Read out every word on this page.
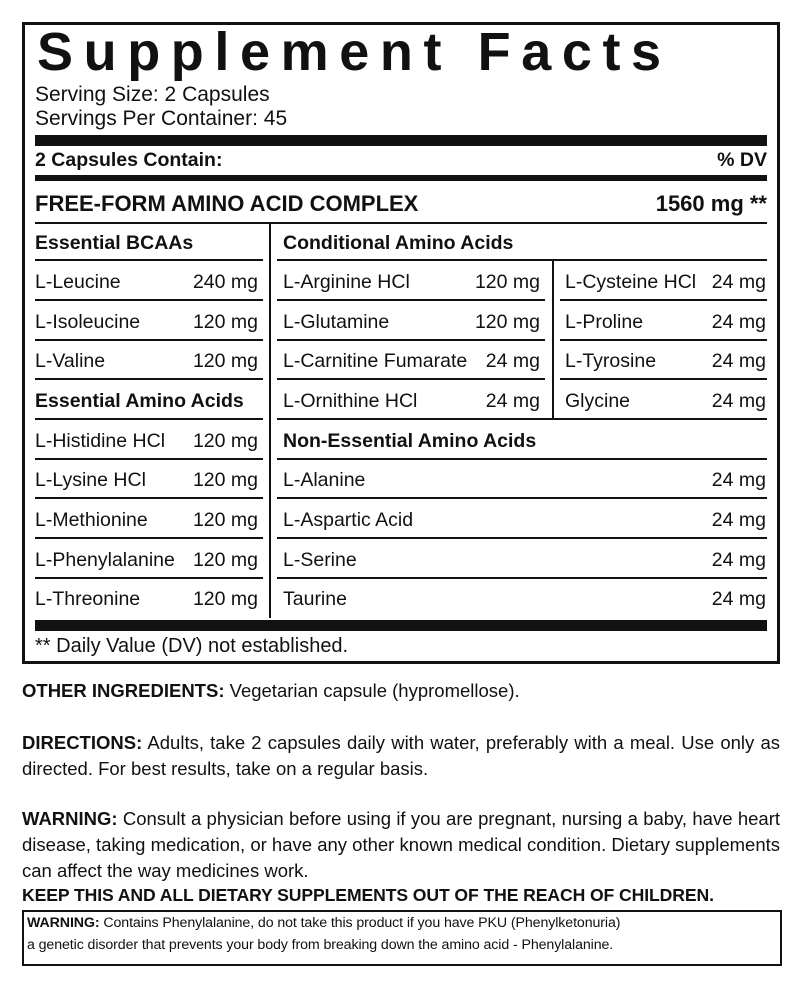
Supplement Facts
Serving Size: 2 Capsules
Servings Per Container: 45
2 Capsules Contain:	% DV
FREE-FORM AMINO ACID COMPLEX	1560 mg **
Essential BCAAs
L-Leucine	240 mg
L-Isoleucine	120 mg
L-Valine	120 mg
Essential Amino Acids
L-Histidine HCl	120 mg
L-Lysine HCl	120 mg
L-Methionine	120 mg
L-Phenylalanine 120 mg
L-Threonine	120 mg
Conditional Amino Acids
L-Arginine HCl	120 mg L-Cysteine HCl 24 mg
L-Glutamine	120 mg L-Proline	24 mg
L-Carnitine Fumarate 24 mg L-Tyrosine	24 mg
L-Ornithine HCl	24 mg Glycine	24 mg
Non-Essential Amino Acids
L-Alanine	24 mg
L-Aspartic Acid	24 mg
L-Serine	24 mg
Taurine	24 mg
** Daily Value (DV) not established.
OTHER INGREDIENTS: Vegetarian capsule (hypromellose).
DIRECTIONS: Adults, take 2 capsules daily with water, preferably with a meal. Use only as directed. For best results, take on a regular basis.
WARNING: Consult a physician before using if you are pregnant, nursing a baby, have heart disease, taking medication, or have any other known medical condition. Dietary supplements can affect the way medicines work.
KEEP THIS AND ALL DIETARY SUPPLEMENTS OUT OF THE REACH OF CHILDREN.
WARNING: Contains Phenylalanine, do not take this product if you have PKU (Phenylketonuria)
a genetic disorder that prevents your body from breaking down the amino acid - Phenylalanine.
